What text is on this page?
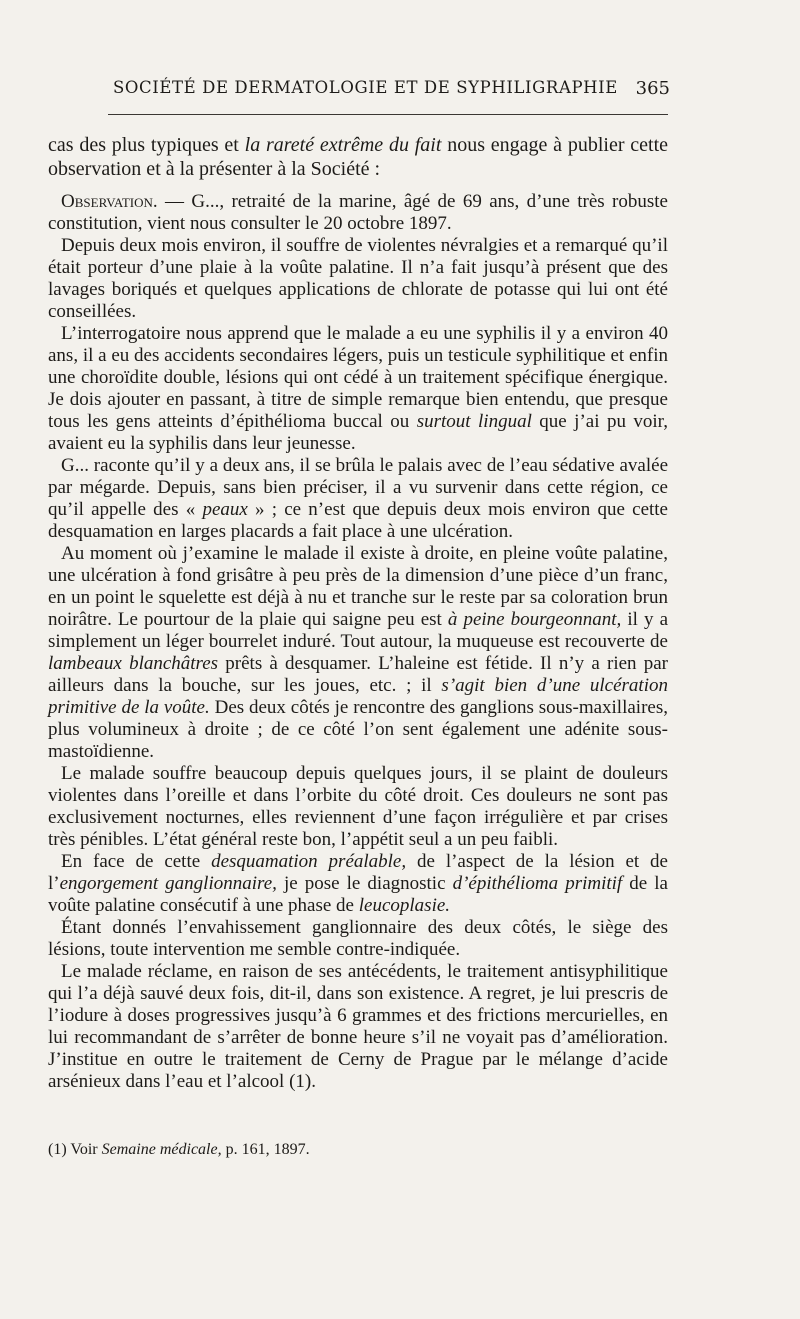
SOCIÉTÉ DE DERMATOLOGIE ET DE SYPHILIGRAPHIE 365

cas des plus typiques et la rareté extrême du fait nous engage à publier cette observation et à la présenter à la Société :

Observation. — G..., retraité de la marine, âgé de 69 ans, d’une très robuste constitution, vient nous consulter le 20 octobre 1897.

Depuis deux mois environ, il souffre de violentes névralgies et a remarqué qu’il était porteur d’une plaie à la voûte palatine. Il n’a fait jusqu’à présent que des lavages boriqués et quelques applications de chlorate de potasse qui lui ont été conseillées.

L’interrogatoire nous apprend que le malade a eu une syphilis il y a environ 40 ans, il a eu des accidents secondaires légers, puis un testicule syphilitique et enfin une choroïdite double, lésions qui ont cédé à un traitement spécifique énergique. Je dois ajouter en passant, à titre de simple remarque bien entendu, que presque tous les gens atteints d’épithélioma buccal ou surtout lingual que j’ai pu voir, avaient eu la syphilis dans leur jeunesse.

G... raconte qu’il y a deux ans, il se brûla le palais avec de l’eau sédative avalée par mégarde. Depuis, sans bien préciser, il a vu survenir dans cette région, ce qu’il appelle des « peaux » ; ce n’est que depuis deux mois environ que cette desquamation en larges placards a fait place à une ulcération.

Au moment où j’examine le malade il existe à droite, en pleine voûte palatine, une ulcération à fond grisâtre à peu près de la dimension d’une pièce d’un franc, en un point le squelette est déjà à nu et tranche sur le reste par sa coloration brun noirâtre. Le pourtour de la plaie qui saigne peu est à peine bourgeonnant, il y a simplement un léger bourrelet induré. Tout autour, la muqueuse est recouverte de lambeaux blanchâtres prêts à desquamer. L’haleine est fétide. Il n’y a rien par ailleurs dans la bouche, sur les joues, etc. ; il s’agit bien d’une ulcération primitive de la voûte. Des deux côtés je rencontre des ganglions sous-maxillaires, plus volumineux à droite ; de ce côté l’on sent également une adénite sous-mastoïdienne.

Le malade souffre beaucoup depuis quelques jours, il se plaint de douleurs violentes dans l’oreille et dans l’orbite du côté droit. Ces douleurs ne sont pas exclusivement nocturnes, elles reviennent d’une façon irrégulière et par crises très pénibles. L’état général reste bon, l’appétit seul a un peu faibli.

En face de cette desquamation préalable, de l’aspect de la lésion et de l’engorgement ganglionnaire, je pose le diagnostic d’épithélioma primitif de la voûte palatine consécutif à une phase de leucoplasie.

Étant donnés l’envahissement ganglionnaire des deux côtés, le siège des lésions, toute intervention me semble contre-indiquée.

Le malade réclame, en raison de ses antécédents, le traitement antisyphilitique qui l’a déjà sauvé deux fois, dit-il, dans son existence. A regret, je lui prescris de l’iodure à doses progressives jusqu’à 6 grammes et des frictions mercurielles, en lui recommandant de s’arrêter de bonne heure s’il ne voyait pas d’amélioration. J’institue en outre le traitement de Cerny de Prague par le mélange d’acide arsénieux dans l’eau et l’alcool (1).

(1) Voir Semaine médicale, p. 161, 1897.
